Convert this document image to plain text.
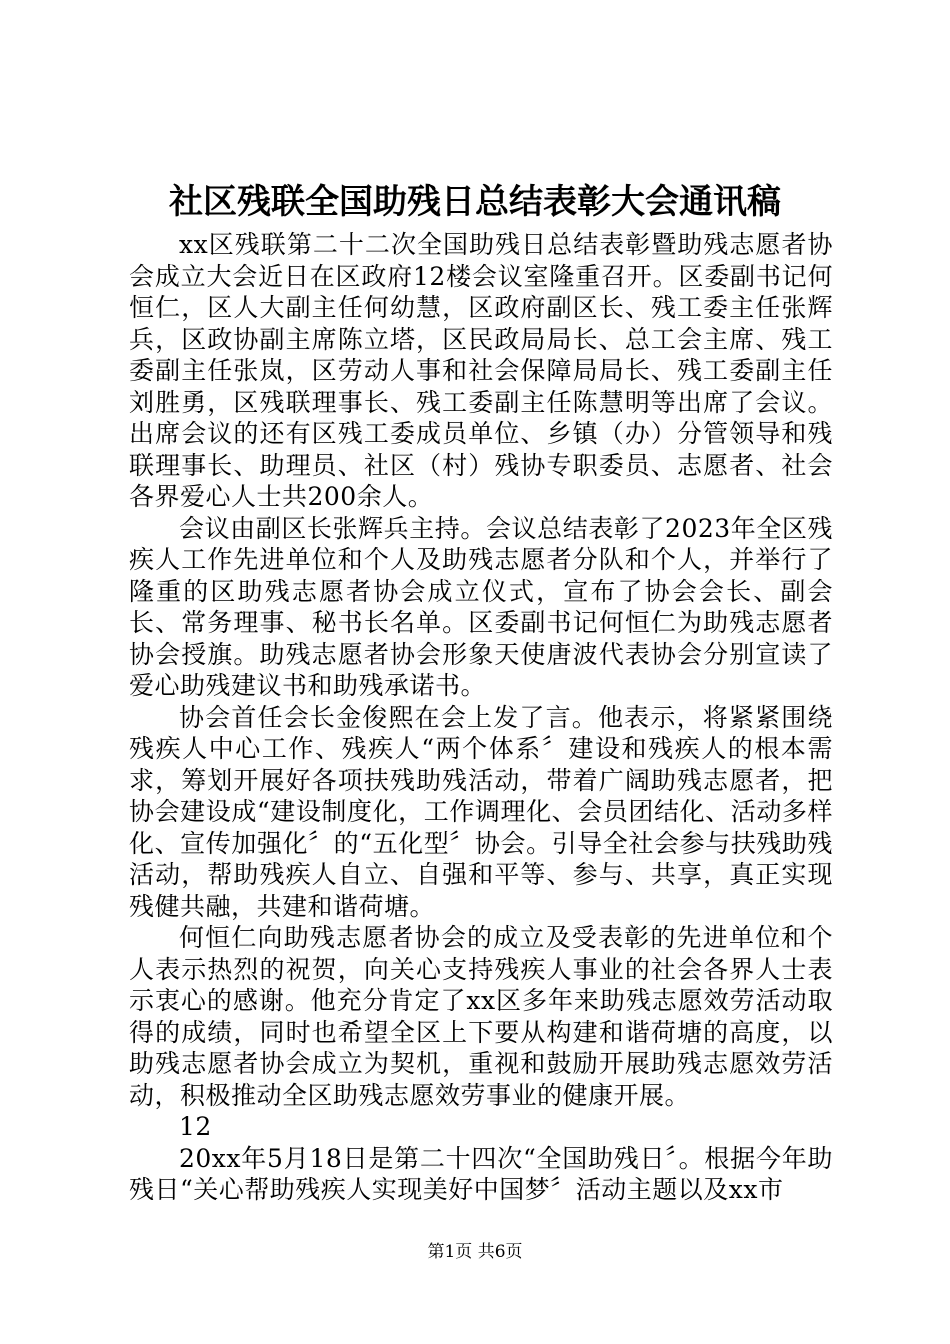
社区残联全国助残日总结表彰大会通讯稿

xx区残联第二十二次全国助残日总结表彰暨助残志愿者协会成立大会近日在区政府12楼会议室隆重召开。区委副书记何恒仁，区人大副主任何幼慧，区政府副区长、残工委主任张辉兵，区政协副主席陈立塔，区民政局局长、总工会主席、残工委副主任张岚，区劳动人事和社会保障局局长、残工委副主任刘胜勇，区残联理事长、残工委副主任陈慧明等出席了会议。出席会议的还有区残工委成员单位、乡镇（办）分管领导和残联理事长、助理员、社区（村）残协专职委员、志愿者、社会各界爱心人士共200余人。

会议由副区长张辉兵主持。会议总结表彰了2023年全区残疾人工作先进单位和个人及助残志愿者分队和个人，并举行了隆重的区助残志愿者协会成立仪式，宣布了协会会长、副会长、常务理事、秘书长名单。区委副书记何恒仁为助残志愿者协会授旗。助残志愿者协会形象天使唐波代表协会分别宣读了爱心助残建议书和助残承诺书。

协会首任会长金俊熙在会上发了言。他表示，将紧紧围绕残疾人中心工作、残疾人“两个体系〞建设和残疾人的根本需求，筹划开展好各项扶残助残活动，带着广阔助残志愿者，把协会建设成“建设制度化，工作调理化、会员团结化、活动多样化、宣传加强化〞的“五化型〞协会。引导全社会参与扶残助残活动，帮助残疾人自立、自强和平等、参与、共享，真正实现残健共融，共建和谐荷塘。

何恒仁向助残志愿者协会的成立及受表彰的先进单位和个人表示热烈的祝贺，向关心支持残疾人事业的社会各界人士表示衷心的感谢。他充分肯定了xx区多年来助残志愿效劳活动取得的成绩，同时也希望全区上下要从构建和谐荷塘的高度，以助残志愿者协会成立为契机，重视和鼓励开展助残志愿效劳活动，积极推动全区助残志愿效劳事业的健康开展。

12

20xx年5月18日是第二十四次“全国助残日〞。根据今年助残日“关心帮助残疾人实现美好中国梦〞活动主题以及xx市

第1页 共6页
